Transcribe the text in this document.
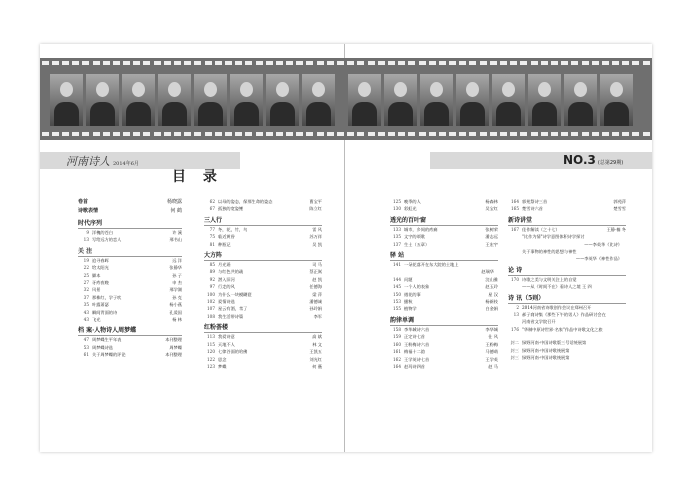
河南诗人 2014年6月
目 录
NO.3 (总第29期)
卷首	杨晓露
诗歌表情	何 鹤
时代序列
9 洋槐的苍白	许 溪
13 写给远方的恋人	邢书山
关 注
19 追寻春晖	远 洋
22 给太阳光	张静华
25 脚本	孙 子
27 牙疼夜晚	申 杰
32 风景	邢学湖
37 那株红，学子吠	孙 克
35 叶露萧瑟	杨小燕
43 瞬间背面的诗	孔爱国
43 飞光	杨 林
档 案·人物诗人周梦蝶
47 周梦蝶生平年表	本刊整理
53 周梦蝶诗选	周梦蝶
61 关于周梦蝶的评论	本刊整理
62 以母的姿态，保那生命的姿态	曹宝平
67 孤独的宽姿鲤	陈立红
三人行
77 冬，花，竹，鸟	雷 风
75 临近黄昏	苏万祥
81 种瓶记	吴 凯
大方阵
85 月光谣	司 马
89 与红色共的疏	蔡正嵩
92 潜入旧河	赵 凯
97 行走的风	任德海
100 为什么一块模糊裂	梁 萍
102 爱情诗选	潘德诚
107 星云有酒，苇了	孙玲娟
108 我生活带诗篇	李军
红粉荟楼
113 我爱诗意	高 斌
115 天地不人	林 文
120 七律谷面的哈佛	王凯五
122 思念	刘光红
123 梦蝶	何 薇
125 晚季的人	杨森林
130 彩虹光	吴宝红
透光的百叶窗
133 城市，乡间的疼痛	张树荣
135 文字的颂歌	潘志远
137 生土（五章）	王宏宇
驿 站
141 一朵花落开在东大院的土地上
赵瑞华
144 问题	浣山雅
145 一个人的表象	赵玉玲
150 遇花的事	星 汉
153 播秋	杨新枝
155 植物学	白金娟
韵律单调
158 李华城诗六首	李华城
159 正定诗七首	仕 风
160 王粉梅诗六首	王粉梅
161 梅福十二韵	马德萌
162 王学英诗七首	王学英
164 赵玛诗四首	赵 马
164 郭苑祭诗三首	郭苑萍
165 楚雪诗六首	楚雪雪
新诗讲堂
167 佳作解读（之十七）	王静·楠 冬
"比作为情"诗学意图体积诗学探讨
——李英华《比诗》
关于事物的神性的思想与神性
——李英华《神性作品》
论 诗
170 诗歌之美与文明关注上的自觉
——从《时间不在》看诗人之境 王 四
诗 讯（5则）
2 2014河南省诗歌创作会议在郑州召开
13 郝子商诗集《那些下午的男人》作品研讨会在
河南省文学院召开
176 "华制中原诗世界·名家"作品中诗歌文化之旅
封二 绿野河南·中国诗歌版三号话统展第
封三 绿野河南·中国诗歌统展第
封三 绿野河南·中国诗歌统展第
